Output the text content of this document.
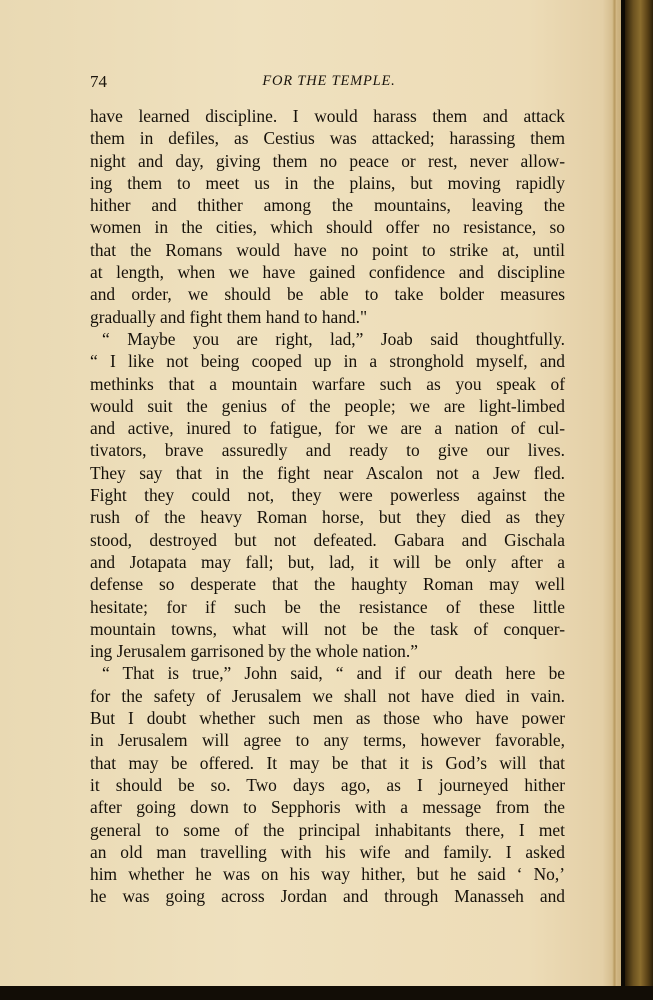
74	FOR THE TEMPLE.
have learned discipline. I would harass them and attack
them in defiles, as Cestius was attacked; harassing them
night and day, giving them no peace or rest, never allow-
ing them to meet us in the plains, but moving rapidly
hither and thither among the mountains, leaving the
women in the cities, which should offer no resistance, so
that the Romans would have no point to strike at, until
at length, when we have gained confidence and discipline
and order, we should be able to take bolder measures
gradually and fight them hand to hand."
“ Maybe you are right, lad,” Joab said thoughtfully.
“ I like not being cooped up in a stronghold myself, and
methinks that a mountain warfare such as you speak of
would suit the genius of the people; we are light-limbed
and active, inured to fatigue, for we are a nation of cul-
tivators, brave assuredly and ready to give our lives.
They say that in the fight near Ascalon not a Jew fled.
Fight they could not, they were powerless against the
rush of the heavy Roman horse, but they died as they
stood, destroyed but not defeated. Gabara and Gischala
and Jotapata may fall; but, lad, it will be only after a
defense so desperate that the haughty Roman may well
hesitate; for if such be the resistance of these little
mountain towns, what will not be the task of conquer-
ing Jerusalem garrisoned by the whole nation.”
“ That is true,” John said, “ and if our death here be
for the safety of Jerusalem we shall not have died in vain.
But I doubt whether such men as those who have power
in Jerusalem will agree to any terms, however favorable,
that may be offered. It may be that it is God’s will that
it should be so. Two days ago, as I journeyed hither
after going down to Sepphoris with a message from the
general to some of the principal inhabitants there, I met
an old man travelling with his wife and family. I asked
him whether he was on his way hither, but he said ‘ No,’
he was going across Jordan and through Manasseh and
